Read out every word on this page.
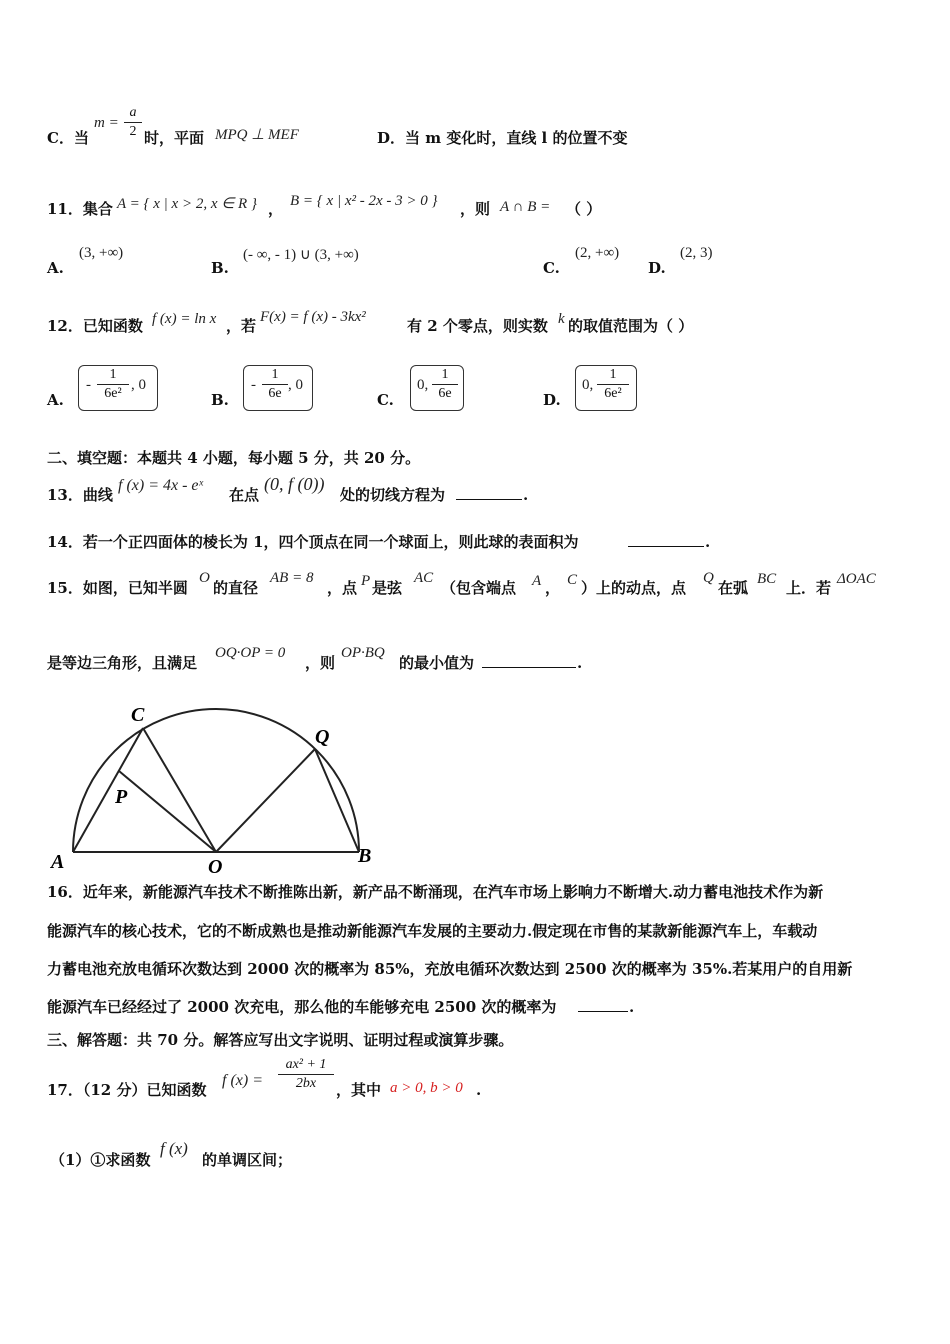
C．当
$m = \frac{a}{2}$ 时，平面 MPQ ⊥ MEF	D．当 m 变化时，直线 l 的位置不变
11．集合 A = { x | x > 2, x ∈ R } ， B = { x | x² - 2x - 3 > 0 } ，则 A ∩ B = （ ）
A.
(3, +∞)
B.
(- ∞, - 1) ∪ (3, +∞)
C.
(2, +∞)
D.
(2, 3)
12．已知函数 f (x) = ln x ，若 F(x) = f (x) - 3kx²	有 2 个零点，则实数 k 的取值范围为（ ）
A.
- $\frac{1}{\text{6e²}}$ , 0
B.
- $\frac{1}{6e}$ , 0
C.
0, $\frac{1}{6e}$	D.
0, $\frac{1}{\text{6e²}}$
二、填空题：本题共 4 小题，每小题 5 分，共 20 分。
13．曲线
f (x) = 4x - eˣ
在点
(0, f (0))
处的切线方程为	.
14．若一个正四面体的棱长为 1，四个顶点在同一个球面上，则此球的表面积为	.
15．如图，已知半圆
O
的直径
AB = 8
，点 P 是弦
AC
（包含端点 A ， C ）上的动点，点
Q
在弧 BC 上．若 ΔOAC
是等边三角形，且满足
OQ·OP = 0
，则
OP·BQ
的最小值为	.
C
Q
P
A	O	B
16．近年来，新能源汽车技术不断推陈出新，新产品不断涌现，在汽车市场上影响力不断增大.动力蓄电池技术作为新
能源汽车的核心技术，它的不断成熟也是推动新能源汽车发展的主要动力.假定现在市售的某款新能源汽车上，车载动
力蓄电池充放电循环次数达到 2000 次的概率为 85%，充放电循环次数达到 2500 次的概率为 35%.若某用户的自用新
能源汽车已经经过了 2000 次充电，那么他的车能够充电 2500 次的概率为	.
三、解答题：共 70 分。解答应写出文字说明、证明过程或演算步骤。
17．（12 分）已知函数
f $(x) = \frac{\text{ax² + 1}}{2bx}$ ，其中 a > 0, b > 0 .
（1）①求函数
f (x)
的单调区间；
